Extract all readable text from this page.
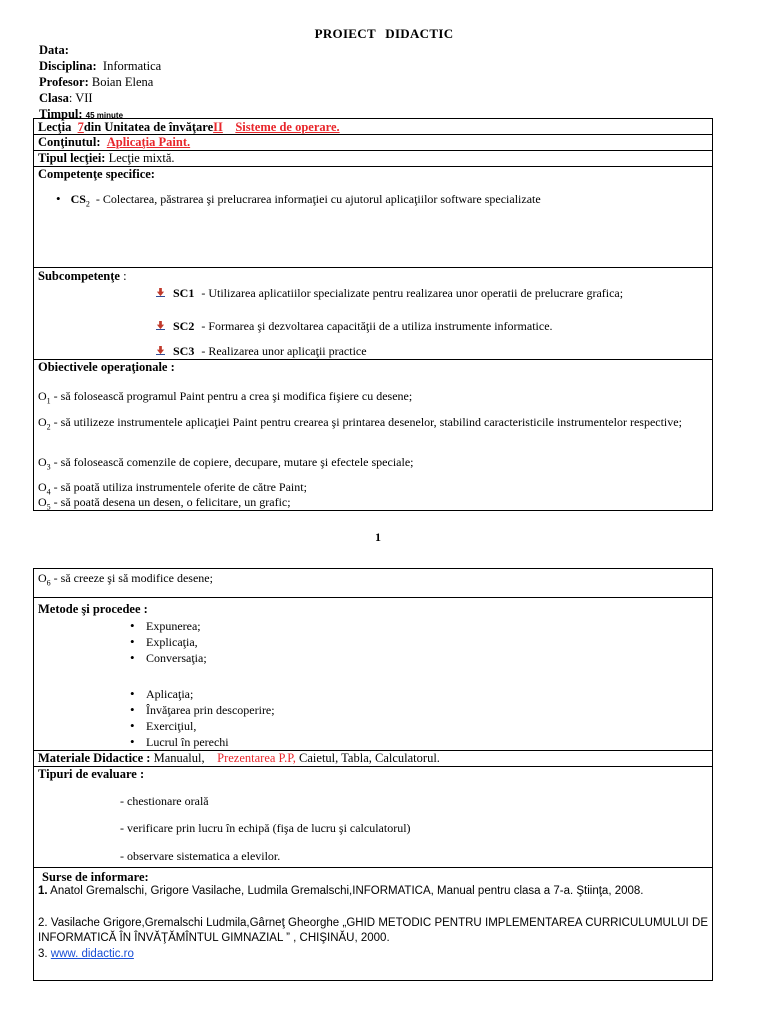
PROIECT DIDACTIC
Data:
Disciplina: Informatica
Profesor: Boian Elena
Clasa: VII
Timpul: 45 minute
Lecţia 7din Unitatea de învăţareII Sisteme de operare.
Conţinutul: Aplicaţia Paint.
Tipul lecţiei: Lecţie mixtă.
Competenţe specifice:
• $CS_2$  - Colectarea, păstrarea şi prelucrarea informaţiei cu ajutorul aplicaţiilor software specializate
Subcompetenţe :
SC1 - Utilizarea aplicatiilor specializate pentru realizarea unor operatii de prelucrare grafica;
SC2 - Formarea şi dezvoltarea capacităţii de a utiliza instrumente informatice.
SC3 - Realizarea unor aplicaţii practice
Obiectivele operaţionale :
$O_1$ - să folosească programul Paint pentru a crea şi modifica fişiere cu desene;
$O_2$ - să utilizeze instrumentele aplicaţiei Paint pentru crearea şi printarea desenelor, stabilind caracteristicile instrumentelor respective;
$O_3$ - să folosească comenzile de copiere, decupare, mutare şi efectele speciale;
$O_4$ - să poată utiliza instrumentele oferite de către Paint;
$O_5$ - să poată desena un desen, o felicitare, un grafic;
1
$O_6$ - să creeze şi să modifice desene;
Metode şi procedee :
• Expunerea;
• Explicaţia,
• Conversaţia;
• Aplicaţia;
• Învăţarea prin descoperire;
• Exerciţiul,
• Lucrul în perechi
Materiale Didactice : Manualul, Prezentarea P.P, Caietul, Tabla, Calculatorul.
Tipuri de evaluare :
- chestionare orală
- verificare prin lucru în echipă (fişa de lucru şi calculatorul)
- observare sistematica a elevilor.
Surse de informare:
1. Anatol Gremalschi, Grigore Vasilache, Ludmila Gremalschi,INFORMATICA, Manual pentru clasa a 7-a. Ştiinţa, 2008.
2. Vasilache Grigore,Gremalschi Ludmila,Gârneţ Gheorghe „GHID METODIC PENTRU IMPLEMENTAREA CURRICULUMULUI DE INFORMATICĂ ÎN ÎNVĂŢĂMÎNTUL GIMNAZIAL ” , CHIŞINĂU, 2000.
3. www. didactic.ro
